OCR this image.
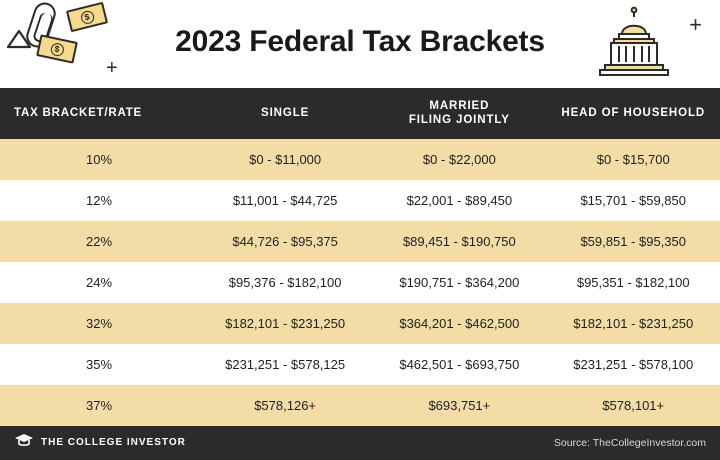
$
$
+
+
2023 Federal Tax Brackets
TAX BRACKET/RATE	SINGLE	MARRIED
FILING JOINTLY	HEAD OF HOUSEHOLD
10%	$0 - $11,000	$0 - $22,000	$0 - $15,700
12%	$11,001 - $44,725	$22,001 - $89,450	$15,701 - $59,850
22%	$44,726 - $95,375	$89,451 - $190,750	$59,851 - $95,350
24%	$95,376 - $182,100	$190,751 - $364,200	$95,351 - $182,100
32%	$182,101 - $231,250	$364,201 - $462,500	$182,101 - $231,250
35%	$231,251 - $578,125	$462,501 - $693,750	$231,251 - $578,100
37%	$578,126+	$693,751+	$578,101+
THE COLLEGE INVESTOR	Source: TheCollegeInvestor.com
